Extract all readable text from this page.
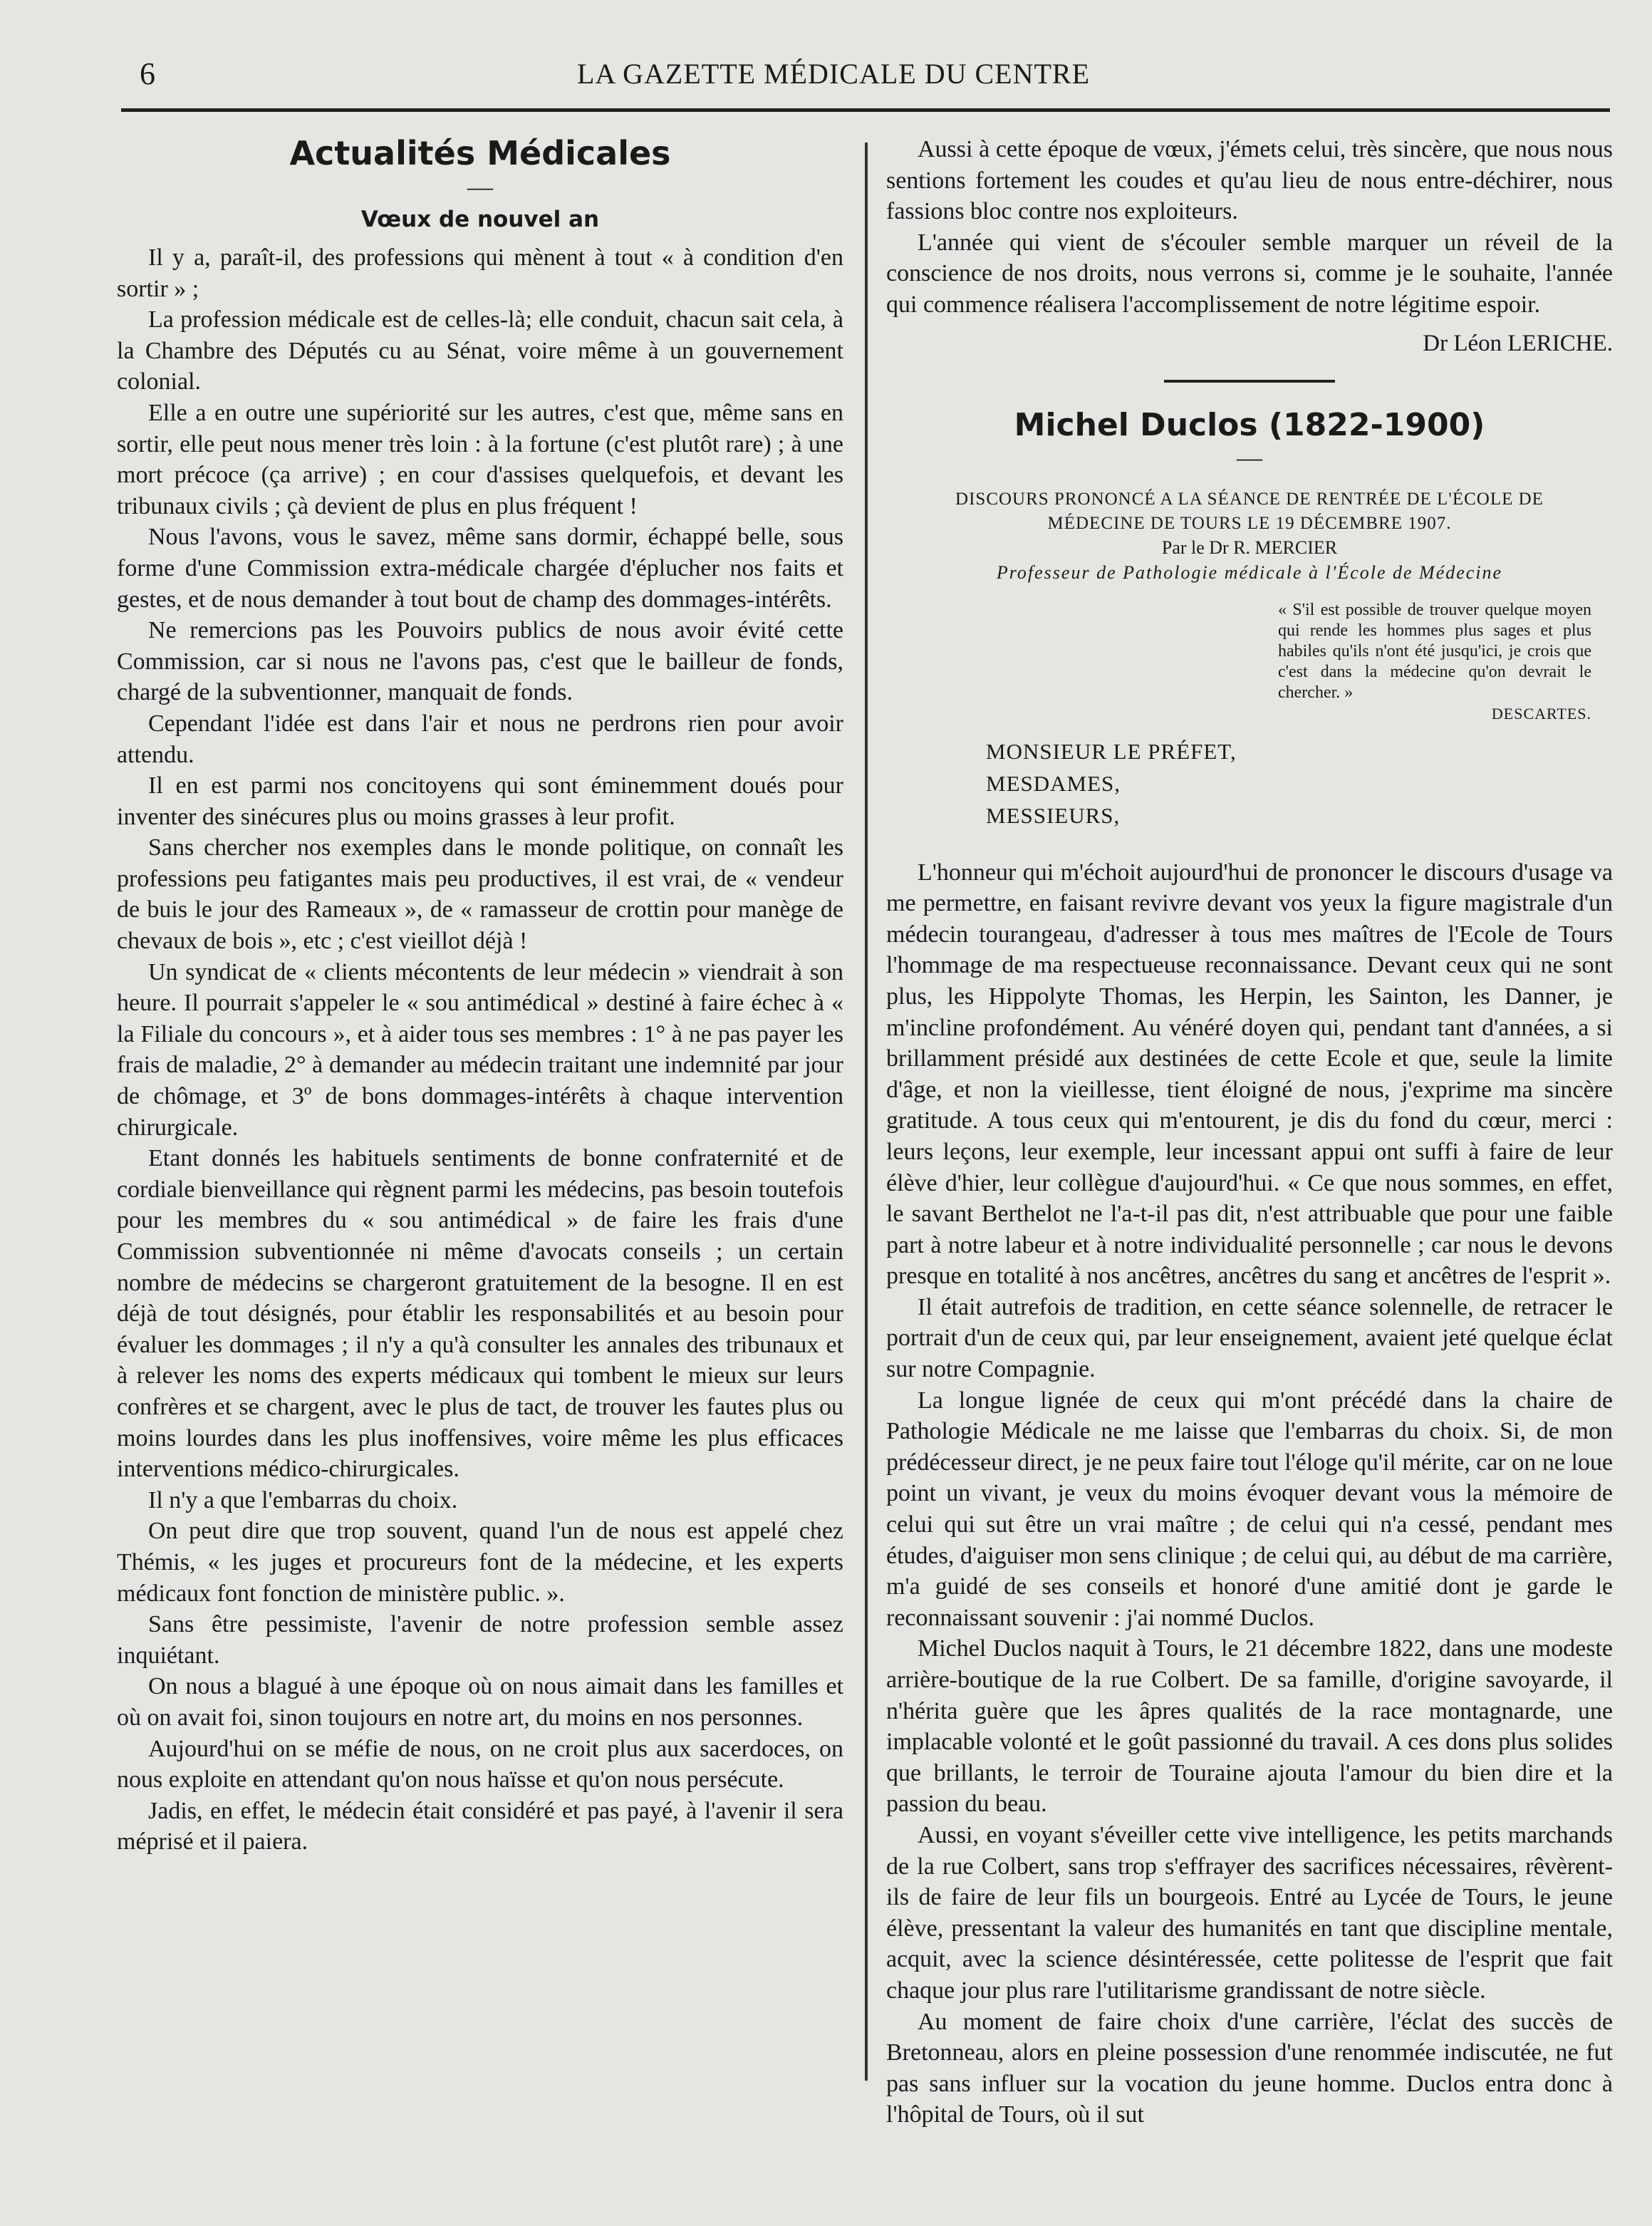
6	LA GAZETTE MÉDICALE DU CENTRE
Actualités Médicales
—
Vœux de nouvel an

Il y a, paraît-il, des professions qui mènent à tout « à condition d'en sortir » ;

La profession médicale est de celles-là; elle conduit, chacun sait cela, à la Chambre des Députés cu au Sénat, voire même à un gouvernement colonial.

Elle a en outre une supériorité sur les autres, c'est que, même sans en sortir, elle peut nous mener très loin : à la fortune (c'est plutôt rare) ; à une mort précoce (ça arrive) ; en cour d'assises quelquefois, et devant les tribunaux civils ; çà devient de plus en plus fréquent !

Nous l'avons, vous le savez, même sans dormir, échappé belle, sous forme d'une Commission extra-médicale chargée d'éplucher nos faits et gestes, et de nous demander à tout bout de champ des dommages-intérêts.

Ne remercions pas les Pouvoirs publics de nous avoir évité cette Commission, car si nous ne l'avons pas, c'est que le bailleur de fonds, chargé de la subventionner, manquait de fonds.

Cependant l'idée est dans l'air et nous ne perdrons rien pour avoir attendu.

Il en est parmi nos concitoyens qui sont éminemment doués pour inventer des sinécures plus ou moins grasses à leur profit.

Sans chercher nos exemples dans le monde politique, on connaît les professions peu fatigantes mais peu productives, il est vrai, de « vendeur de buis le jour des Rameaux », de « ramasseur de crottin pour manège de chevaux de bois », etc ; c'est vieillot déjà !

Un syndicat de « clients mécontents de leur médecin » viendrait à son heure. Il pourrait s'appeler le « sou antimédical » destiné à faire échec à « la Filiale du concours », et à aider tous ses membres : 1° à ne pas payer les frais de maladie, 2° à demander au médecin traitant une indemnité par jour de chômage, et 3º de bons dommages-intérêts à chaque intervention chirurgicale.

Etant donnés les habituels sentiments de bonne confraternité et de cordiale bienveillance qui règnent parmi les médecins, pas besoin toutefois pour les membres du « sou antimédical » de faire les frais d'une Commission subventionnée ni même d'avocats conseils ; un certain nombre de médecins se chargeront gratuitement de la besogne. Il en est déjà de tout désignés, pour établir les responsabilités et au besoin pour évaluer les dommages ; il n'y a qu'à consulter les annales des tribunaux et à relever les noms des experts médicaux qui tombent le mieux sur leurs confrères et se chargent, avec le plus de tact, de trouver les fautes plus ou moins lourdes dans les plus inoffensives, voire même les plus efficaces interventions médico-chirurgicales.

Il n'y a que l'embarras du choix.

On peut dire que trop souvent, quand l'un de nous est appelé chez Thémis, « les juges et procureurs font de la médecine, et les experts médicaux font fonction de ministère public. ».

Sans être pessimiste, l'avenir de notre profession semble assez inquiétant.

On nous a blagué à une époque où on nous aimait dans les familles et où on avait foi, sinon toujours en notre art, du moins en nos personnes.

Aujourd'hui on se méfie de nous, on ne croit plus aux sacerdoces, on nous exploite en attendant qu'on nous haïsse et qu'on nous persécute.

Jadis, en effet, le médecin était considéré et pas payé, à l'avenir il sera méprisé et il paiera.

Aussi à cette époque de vœux, j'émets celui, très sincère, que nous nous sentions fortement les coudes et qu'au lieu de nous entre-déchirer, nous fassions bloc contre nos exploiteurs.

L'année qui vient de s'écouler semble marquer un réveil de la conscience de nos droits, nous verrons si, comme je le souhaite, l'année qui commence réalisera l'accomplissement de notre légitime espoir.

Dr Léon LERICHE.
Michel Duclos (1822-1900)
—
DISCOURS PRONONCÉ A LA SÉANCE DE RENTRÉE DE L'ÉCOLE DE
MÉDECINE DE TOURS LE 19 DÉCEMBRE 1907.
Par le Dr R. MERCIER
Professeur de Pathologie médicale à l'École de Médecine
« S'il est possible de trouver quelque moyen qui rende les hommes plus sages et plus habiles qu'ils n'ont été jusqu'ici, je crois que c'est dans la médecine qu'on devrait le chercher. »
DESCARTES.
MONSIEUR LE PRÉFET,
MESDAMES,
MESSIEURS,

L'honneur qui m'échoit aujourd'hui de prononcer le discours d'usage va me permettre, en faisant revivre devant vos yeux la figure magistrale d'un médecin tourangeau, d'adresser à tous mes maîtres de l'Ecole de Tours l'hommage de ma respectueuse reconnaissance. Devant ceux qui ne sont plus, les Hippolyte Thomas, les Herpin, les Sainton, les Danner, je m'incline profondément. Au vénéré doyen qui, pendant tant d'années, a si brillamment présidé aux destinées de cette Ecole et que, seule la limite d'âge, et non la vieillesse, tient éloigné de nous, j'exprime ma sincère gratitude. A tous ceux qui m'entourent, je dis du fond du cœur, merci : leurs leçons, leur exemple, leur incessant appui ont suffi à faire de leur élève d'hier, leur collègue d'aujourd'hui. « Ce que nous sommes, en effet, le savant Berthelot ne l'a-t-il pas dit, n'est attribuable que pour une faible part à notre labeur et à notre individualité personnelle ; car nous le devons presque en totalité à nos ancêtres, ancêtres du sang et ancêtres de l'esprit ».

Il était autrefois de tradition, en cette séance solennelle, de retracer le portrait d'un de ceux qui, par leur enseignement, avaient jeté quelque éclat sur notre Compagnie.

La longue lignée de ceux qui m'ont précédé dans la chaire de Pathologie Médicale ne me laisse que l'embarras du choix. Si, de mon prédécesseur direct, je ne peux faire tout l'éloge qu'il mérite, car on ne loue point un vivant, je veux du moins évoquer devant vous la mémoire de celui qui sut être un vrai maître ; de celui qui n'a cessé, pendant mes études, d'aiguiser mon sens clinique ; de celui qui, au début de ma carrière, m'a guidé de ses conseils et honoré d'une amitié dont je garde le reconnaissant souvenir : j'ai nommé Duclos.

Michel Duclos naquit à Tours, le 21 décembre 1822, dans une modeste arrière-boutique de la rue Colbert. De sa famille, d'origine savoyarde, il n'hérita guère que les âpres qualités de la race montagnarde, une implacable volonté et le goût passionné du travail. A ces dons plus solides que brillants, le terroir de Touraine ajouta l'amour du bien dire et la passion du beau.

Aussi, en voyant s'éveiller cette vive intelligence, les petits marchands de la rue Colbert, sans trop s'effrayer des sacrifices nécessaires, rêvèrent-ils de faire de leur fils un bourgeois. Entré au Lycée de Tours, le jeune élève, pressentant la valeur des humanités en tant que discipline mentale, acquit, avec la science désintéressée, cette politesse de l'esprit que fait chaque jour plus rare l'utilitarisme grandissant de notre siècle.

Au moment de faire choix d'une carrière, l'éclat des succès de Bretonneau, alors en pleine possession d'une renommée indiscutée, ne fut pas sans influer sur la vocation du jeune homme. Duclos entra donc à l'hôpital de Tours, où il sut
